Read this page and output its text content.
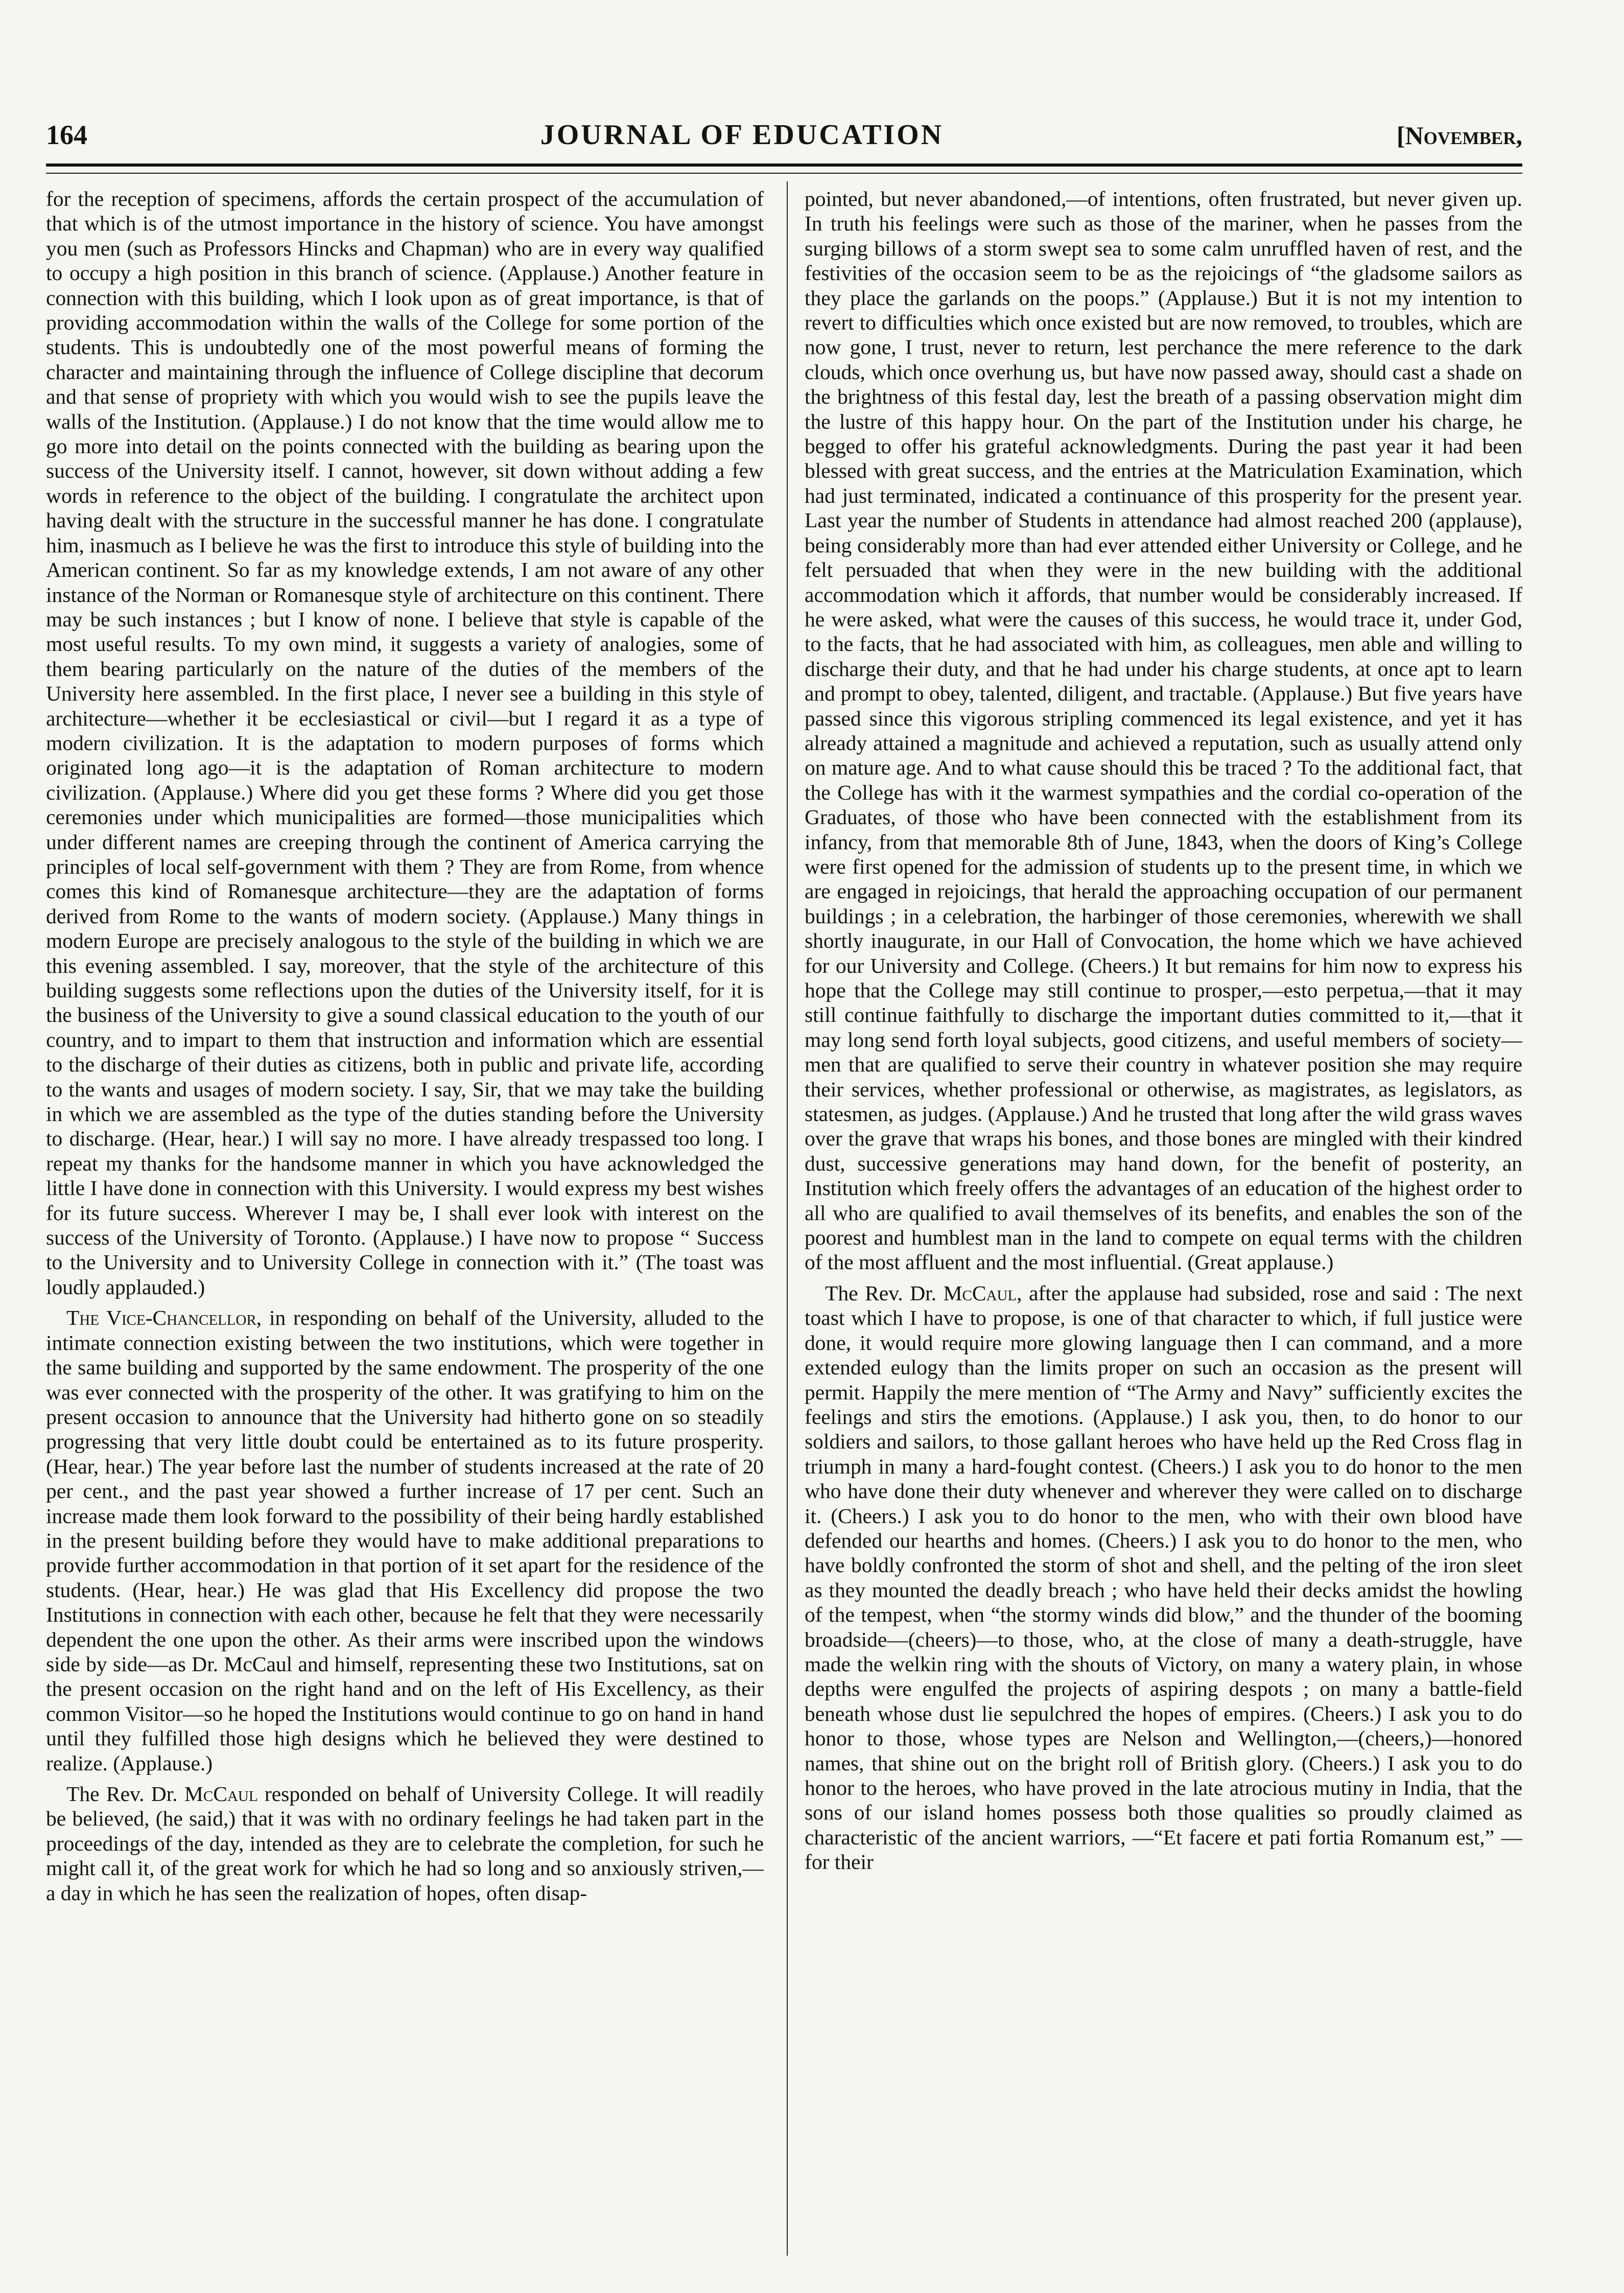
164	JOURNAL OF EDUCATION	[November,

for the reception of specimens, affords the certain prospect of the accumulation of that which is of the utmost importance in the history of science. You have amongst you men (such as Professors Hincks and Chapman) who are in every way qualified to occupy a high position in this branch of science. (Applause.) Another feature in connection with this building, which I look upon as of great importance, is that of providing accommodation within the walls of the College for some portion of the students. This is undoubtedly one of the most powerful means of forming the character and maintaining through the influence of College discipline that decorum and that sense of propriety with which you would wish to see the pupils leave the walls of the Institution. (Applause.) I do not know that the time would allow me to go more into detail on the points connected with the building as bearing upon the success of the University itself. I cannot, however, sit down without adding a few words in reference to the object of the building. I congratulate the architect upon having dealt with the structure in the successful manner he has done. I congratulate him, inasmuch as I believe he was the first to introduce this style of building into the American continent. So far as my knowledge extends, I am not aware of any other instance of the Norman or Romanesque style of architecture on this continent. There may be such instances ; but I know of none. I believe that style is capable of the most useful results. To my own mind, it suggests a variety of analogies, some of them bearing particularly on the nature of the duties of the members of the University here assembled. In the first place, I never see a building in this style of architecture—whether it be ecclesiastical or civil—but I regard it as a type of modern civilization. It is the adaptation to modern purposes of forms which originated long ago—it is the adaptation of Roman architecture to modern civilization. (Applause.) Where did you get these forms ? Where did you get those ceremonies under which municipalities are formed—those municipalities which under different names are creeping through the continent of America carrying the principles of local self-government with them ? They are from Rome, from whence comes this kind of Romanesque architecture—they are the adaptation of forms derived from Rome to the wants of modern society. (Applause.) Many things in modern Europe are precisely analogous to the style of the building in which we are this evening assembled. I say, moreover, that the style of the architecture of this building suggests some reflections upon the duties of the University itself, for it is the business of the University to give a sound classical education to the youth of our country, and to impart to them that instruction and information which are essential to the discharge of their duties as citizens, both in public and private life, according to the wants and usages of modern society. I say, Sir, that we may take the building in which we are assembled as the type of the duties standing before the University to discharge. (Hear, hear.) I will say no more. I have already trespassed too long. I repeat my thanks for the handsome manner in which you have acknowledged the little I have done in connection with this University. I would express my best wishes for its future success. Wherever I may be, I shall ever look with interest on the success of the University of Toronto. (Applause.) I have now to propose “ Success to the University and to University College in connection with it.” (The toast was loudly applauded.)

The Vice-Chancellor, in responding on behalf of the University, alluded to the intimate connection existing between the two institutions, which were together in the same building and supported by the same endowment. The prosperity of the one was ever connected with the prosperity of the other. It was gratifying to him on the present occasion to announce that the University had hitherto gone on so steadily progressing that very little doubt could be entertained as to its future prosperity. (Hear, hear.) The year before last the number of students increased at the rate of 20 per cent., and the past year showed a further increase of 17 per cent. Such an increase made them look forward to the possibility of their being hardly established in the present building before they would have to make additional preparations to provide further accommodation in that portion of it set apart for the residence of the students. (Hear, hear.) He was glad that His Excellency did propose the two Institutions in connection with each other, because he felt that they were necessarily dependent the one upon the other. As their arms were inscribed upon the windows side by side—as Dr. McCaul and himself, representing these two Institutions, sat on the present occasion on the right hand and on the left of His Excellency, as their common Visitor—so he hoped the Institutions would continue to go on hand in hand until they fulfilled those high designs which he believed they were destined to realize. (Applause.)

The Rev. Dr. McCaul responded on behalf of University College. It will readily be believed, (he said,) that it was with no ordinary feelings he had taken part in the proceedings of the day, intended as they are to celebrate the completion, for such he might call it, of the great work for which he had so long and so anxiously striven,—a day in which he has seen the realization of hopes, often disap-

pointed, but never abandoned,—of intentions, often frustrated, but never given up. In truth his feelings were such as those of the mariner, when he passes from the surging billows of a storm swept sea to some calm unruffled haven of rest, and the festivities of the occasion seem to be as the rejoicings of “the gladsome sailors as they place the garlands on the poops.” (Applause.) But it is not my intention to revert to difficulties which once existed but are now removed, to troubles, which are now gone, I trust, never to return, lest perchance the mere reference to the dark clouds, which once overhung us, but have now passed away, should cast a shade on the brightness of this festal day, lest the breath of a passing observation might dim the lustre of this happy hour. On the part of the Institution under his charge, he begged to offer his grateful acknowledgments. During the past year it had been blessed with great success, and the entries at the Matriculation Examination, which had just terminated, indicated a continuance of this prosperity for the present year. Last year the number of Students in attendance had almost reached 200 (applause), being considerably more than had ever attended either University or College, and he felt persuaded that when they were in the new building with the additional accommodation which it affords, that number would be considerably increased. If he were asked, what were the causes of this success, he would trace it, under God, to the facts, that he had associated with him, as colleagues, men able and willing to discharge their duty, and that he had under his charge students, at once apt to learn and prompt to obey, talented, diligent, and tractable. (Applause.) But five years have passed since this vigorous stripling commenced its legal existence, and yet it has already attained a magnitude and achieved a reputation, such as usually attend only on mature age. And to what cause should this be traced ? To the additional fact, that the College has with it the warmest sympathies and the cordial co-operation of the Graduates, of those who have been connected with the establishment from its infancy, from that memorable 8th of June, 1843, when the doors of King’s College were first opened for the admission of students up to the present time, in which we are engaged in rejoicings, that herald the approaching occupation of our permanent buildings ; in a celebration, the harbinger of those ceremonies, wherewith we shall shortly inaugurate, in our Hall of Convocation, the home which we have achieved for our University and College. (Cheers.) It but remains for him now to express his hope that the College may still continue to prosper,—esto perpetua,—that it may still continue faithfully to discharge the important duties committed to it,—that it may long send forth loyal subjects, good citizens, and useful members of society—men that are qualified to serve their country in whatever position she may require their services, whether professional or otherwise, as magistrates, as legislators, as statesmen, as judges. (Applause.) And he trusted that long after the wild grass waves over the grave that wraps his bones, and those bones are mingled with their kindred dust, successive generations may hand down, for the benefit of posterity, an Institution which freely offers the advantages of an education of the highest order to all who are qualified to avail themselves of its benefits, and enables the son of the poorest and humblest man in the land to compete on equal terms with the children of the most affluent and the most influential. (Great applause.)

The Rev. Dr. McCaul, after the applause had subsided, rose and said : The next toast which I have to propose, is one of that character to which, if full justice were done, it would require more glowing language then I can command, and a more extended eulogy than the limits proper on such an occasion as the present will permit. Happily the mere mention of “The Army and Navy” sufficiently excites the feelings and stirs the emotions. (Applause.) I ask you, then, to do honor to our soldiers and sailors, to those gallant heroes who have held up the Red Cross flag in triumph in many a hard-fought contest. (Cheers.) I ask you to do honor to the men who have done their duty whenever and wherever they were called on to discharge it. (Cheers.) I ask you to do honor to the men, who with their own blood have defended our hearths and homes. (Cheers.) I ask you to do honor to the men, who have boldly confronted the storm of shot and shell, and the pelting of the iron sleet as they mounted the deadly breach ; who have held their decks amidst the howling of the tempest, when “the stormy winds did blow,” and the thunder of the booming broadside—(cheers)—to those, who, at the close of many a death-struggle, have made the welkin ring with the shouts of Victory, on many a watery plain, in whose depths were engulfed the projects of aspiring despots ; on many a battle-field beneath whose dust lie sepulchred the hopes of empires. (Cheers.) I ask you to do honor to those, whose types are Nelson and Wellington,—(cheers,)—honored names, that shine out on the bright roll of British glory. (Cheers.) I ask you to do honor to the heroes, who have proved in the late atrocious mutiny in India, that the sons of our island homes possess both those qualities so proudly claimed as characteristic of the ancient warriors, —“Et facere et pati fortia Romanum est,” —for their
